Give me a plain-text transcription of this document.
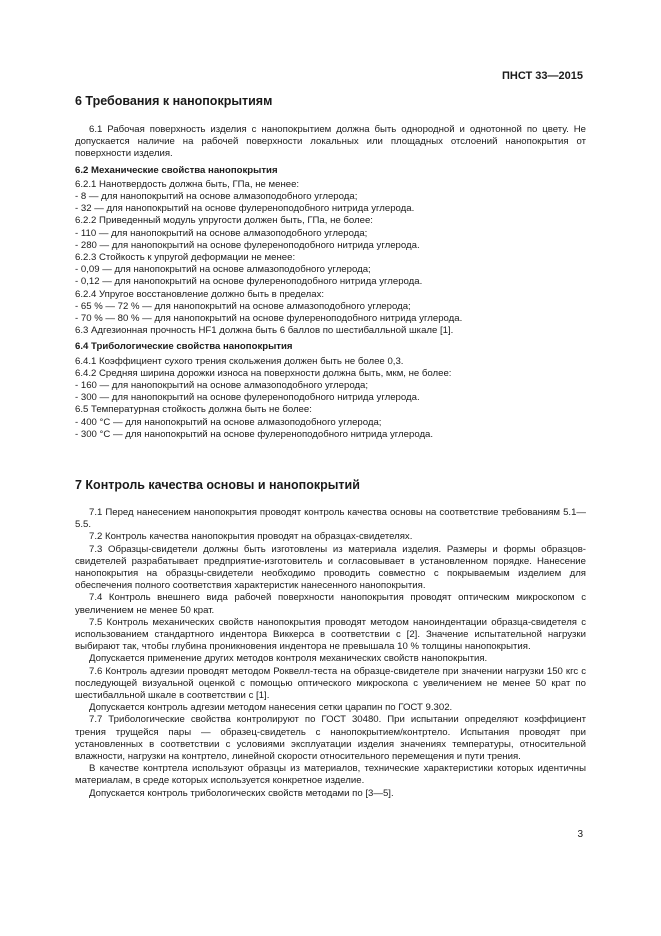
ПНСТ 33—2015
6 Требования к нанопокрытиям

6.1 Рабочая поверхность изделия с нанопокрытием должна быть однородной и однотонной по цвету. Не допускается наличие на рабочей поверхности локальных или площадных отслоений нанопокрытия от поверхности изделия.

6.2 Механические свойства нанопокрытия

6.2.1 Нанотвердость должна быть, ГПа, не менее:

- 8 — для нанопокрытий на основе алмазоподобного углерода;

- 32 — для нанопокрытий на основе фулереноподобного нитрида углерода.

6.2.2 Приведенный модуль упругости должен быть, ГПа, не более:

- 110 — для нанопокрытий на основе алмазоподобного углерода;

- 280 — для нанопокрытий на основе фулереноподобного нитрида углерода.

6.2.3 Стойкость к упругой деформации не менее:

- 0,09 — для нанопокрытий на основе алмазоподобного углерода;

- 0,12 — для нанопокрытий на основе фулереноподобного нитрида углерода.

6.2.4 Упругое восстановление должно быть в пределах:

- 65 % — 72 % — для нанопокрытий на основе алмазоподобного углерода;

- 70 % — 80 % — для нанопокрытий на основе фулереноподобного нитрида углерода.

6.3 Адгезионная прочность HF1 должна быть 6 баллов по шестибалльной шкале [1].

6.4 Трибологические свойства нанопокрытия

6.4.1 Коэффициент сухого трения скольжения должен быть не более 0,3.

6.4.2 Средняя ширина дорожки износа на поверхности должна быть, мкм, не более:

- 160 — для нанопокрытий на основе алмазоподобного углерода;

- 300 — для нанопокрытий на основе фулереноподобного нитрида углерода.

6.5 Температурная стойкость должна быть не более:

- 400 °С — для нанопокрытий на основе алмазоподобного углерода;

- 300 °С — для нанопокрытий на основе фулереноподобного нитрида углерода.

7 Контроль качества основы и нанопокрытий

7.1 Перед нанесением нанопокрытия проводят контроль качества основы на соответствие требованиям 5.1—5.5.

7.2 Контроль качества нанопокрытия проводят на образцах-свидетелях.

7.3 Образцы-свидетели должны быть изготовлены из материала изделия. Размеры и формы образцов-свидетелей разрабатывает предприятие-изготовитель и согласовывает в установленном порядке. Нанесение нанопокрытия на образцы-свидетели необходимо проводить совместно с покрываемым изделием для обеспечения полного соответствия характеристик нанесенного нанопокрытия.

7.4 Контроль внешнего вида рабочей поверхности нанопокрытия проводят оптическим микроскопом с увеличением не менее 50 крат.

7.5 Контроль механических свойств нанопокрытия проводят методом наноиндентации образца-свидетеля с использованием стандартного индентора Виккерса в соответствии с [2]. Значение испытательной нагрузки выбирают так, чтобы глубина проникновения индентора не превышала 10 % толщины нанопокрытия.

Допускается применение других методов контроля механических свойств нанопокрытия.

7.6 Контроль адгезии проводят методом Роквелл-теста на образце-свидетеле при значении нагрузки 150 кгс с последующей визуальной оценкой с помощью оптического микроскопа с увеличением не менее 50 крат по шестибалльной шкале в соответствии с [1].

Допускается контроль адгезии методом нанесения сетки царапин по ГОСТ 9.302.

7.7 Трибологические свойства контролируют по ГОСТ 30480. При испытании определяют коэффициент трения трущейся пары — образец-свидетель с нанопокрытием/контртело. Испытания проводят при установленных в соответствии с условиями эксплуатации изделия значениях температуры, относительной влажности, нагрузки на контртело, линейной скорости относительного перемещения и пути трения.

В качестве контртела используют образцы из материалов, технические характеристики которых идентичны материалам, в среде которых используется конкретное изделие.

Допускается контроль трибологических свойств методами по [3—5].

3
